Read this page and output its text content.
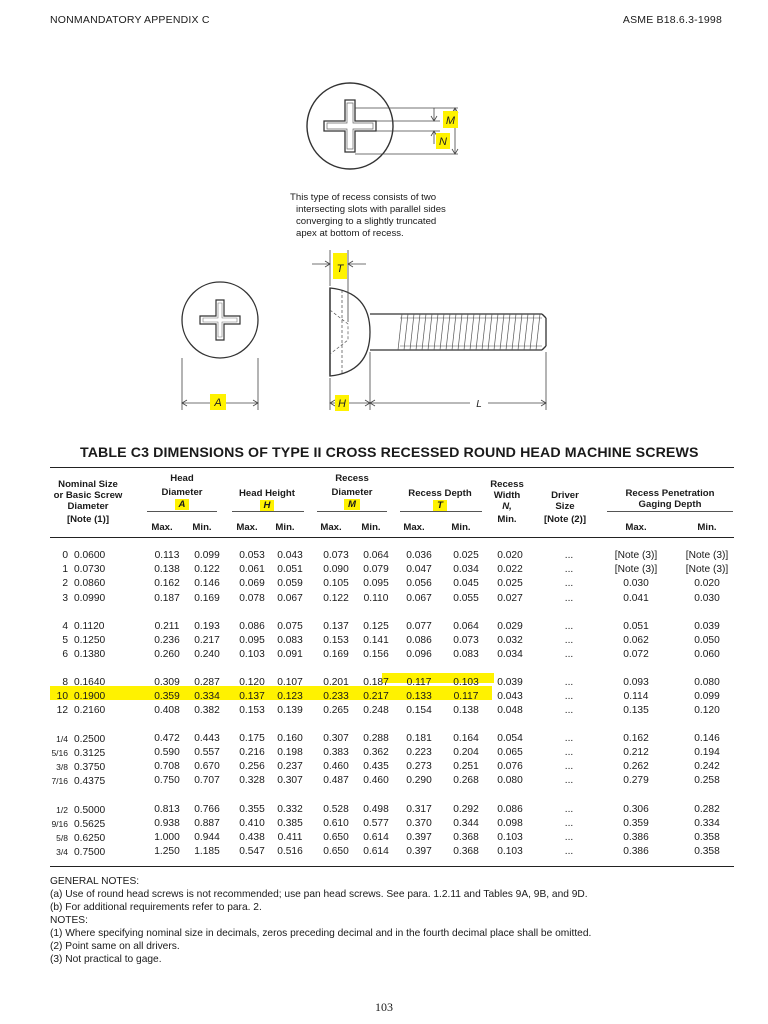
NONMANDATORY APPENDIX C	ASME B18.6.3-1998
M
N
This type of recess consists of two
intersecting slots with parallel sides
converging to a slightly truncated
apex at bottom of recess.
A
T
H	L
TABLE C3 DIMENSIONS OF TYPE II CROSS RECESSED ROUND HEAD MACHINE SCREWS
Nominal Size
or Basic Screw
Diameter
[Note (1)]
Head
Diameter
A
Head Height
H
Recess
Diameter
M
Recess Depth
T
Recess
Width
N,
Min.
Driver
Size
[Note (2)]
Recess Penetration
Gaging Depth
Max.	Min.	Max.	Min.	Max.	Min.	Max.	Min.	Max.	Min.
0 0.0600	0.113	0.099	0.053	0.043	0.073	0.064	0.036	0.025	0.020	...	[Note (3)]	[Note (3)]
1 0.0730	0.138	0.122	0.061	0.051	0.090	0.079	0.047	0.034	0.022	...	[Note (3)]	[Note (3)]
2 0.0860	0.162	0.146	0.069	0.059	0.105	0.095	0.056	0.045	0.025	...	0.030	0.020
3 0.0990	0.187	0.169	0.078	0.067	0.122	0.110	0.067	0.055	0.027	...	0.041	0.030
4 0.1120	0.211	0.193	0.086	0.075	0.137	0.125	0.077	0.064	0.029	...	0.051	0.039
5 0.1250	0.236	0.217	0.095	0.083	0.153	0.141	0.086	0.073	0.032	...	0.062	0.050
6 0.1380	0.260	0.240	0.103	0.091	0.169	0.156	0.096	0.083	0.034	...	0.072	0.060
8 0.1640	0.309	0.287	0.120	0.107	0.201	0.187	0.117	0.103	0.039	...	0.093	0.080
10 0.1900	0.359	0.334	0.137	0.123	0.233	0.217	0.133	0.117	0.043	...	0.114	0.099
12 0.2160	0.408	0.382	0.153	0.139	0.265	0.248	0.154	0.138	0.048	...	0.135	0.120
1/4 0.2500	0.472	0.443	0.175	0.160	0.307	0.288	0.181	0.164	0.054	...	0.162	0.146
5/16 0.3125	0.590	0.557	0.216	0.198	0.383	0.362	0.223	0.204	0.065	...	0.212	0.194
3/8 0.3750	0.708	0.670	0.256	0.237	0.460	0.435	0.273	0.251	0.076	...	0.262	0.242
7/16 0.4375	0.750	0.707	0.328	0.307	0.487	0.460	0.290	0.268	0.080	...	0.279	0.258
1/2 0.5000	0.813	0.766	0.355	0.332	0.528	0.498	0.317	0.292	0.086	...	0.306	0.282
9/16 0.5625	0.938	0.887	0.410	0.385	0.610	0.577	0.370	0.344	0.098	...	0.359	0.334
5/8 0.6250	1.000	0.944	0.438	0.411	0.650	0.614	0.397	0.368	0.103	...	0.386	0.358
3/4 0.7500	1.250	1.185	0.547	0.516	0.650	0.614	0.397	0.368	0.103	...	0.386	0.358
GENERAL NOTES:
(a) Use of round head screws is not recommended; use pan head screws. See para. 1.2.11 and Tables 9A, 9B, and 9D.
(b) For additional requirements refer to para. 2.
NOTES:
(1) Where specifying nominal size in decimals, zeros preceding decimal and in the fourth decimal place shall be omitted.
(2) Point same on all drivers.
(3) Not practical to gage.
103
